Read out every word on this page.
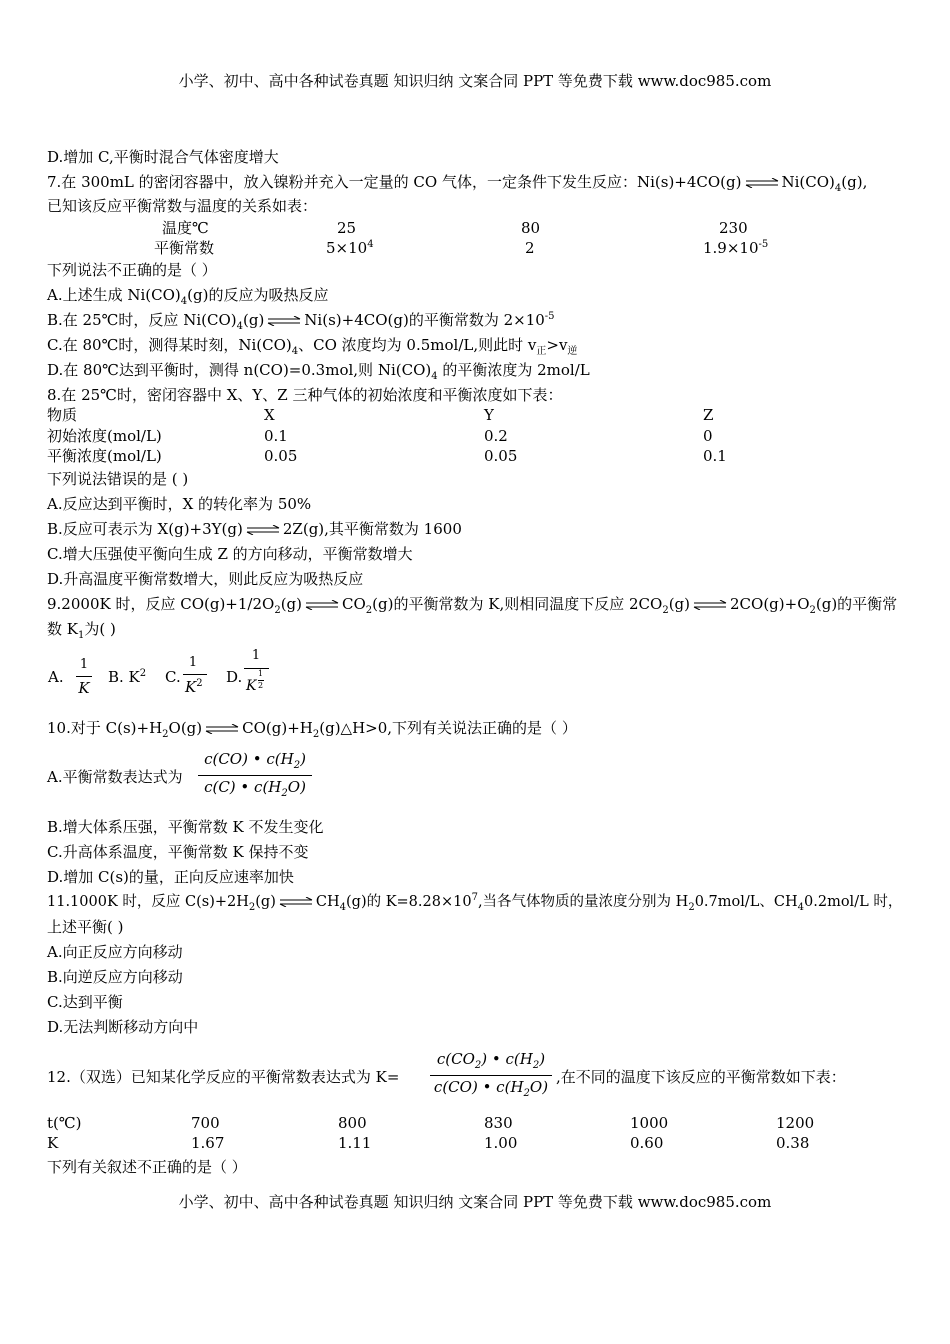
小学、初中、高中各种试卷真题 知识归纳 文案合同 PPT 等免费下载 www.doc985.com
D.增加 C,平衡时混合气体密度增大
7.在 300mL 的密闭容器中，放入镍粉并充入一定量的 CO 气体，一定条件下发生反应：Ni(s)+4CO(g)	$Ni(CO)_4(g)$,
已知该反应平衡常数与温度的关系如表：
温度℃	25	80	230
平衡常数	$5\times 10^4$	2	$1.9\times 10^{-5}$
下列说法不正确的是（ ）
A.上述生成 $Ni(CO)_4(g)$的反应为吸热反应
B.在 25℃时，反应 $Ni(CO)_4(g)$	Ni(s)+4CO(g)的平衡常数为 $2\times 10^{-5}$
C.在 80℃时，测得某时刻，$Ni(CO)_4$、CO 浓度均为 0.5mol/L,则此时 $v_正>v_逆$
D.在 80℃达到平衡时，测得 n(CO)=0.3mol,则 $Ni(CO)_4$ 的平衡浓度为 2mol/L
8.在 25℃时，密闭容器中 X、Y、Z 三种气体的初始浓度和平衡浓度如下表：
物质	X	Y	Z
初始浓度(mol/L)	0.1	0.2	0
平衡浓度(mol/L)	0.05	0.05	0.1
下列说法错误的是 ( )
A.反应达到平衡时，X 的转化率为 50%
B.反应可表示为 X(g)+3Y(g)	2Z(g),其平衡常数为 1600
C.增大压强使平衡向生成 Z 的方向移动，平衡常数增大
D.升高温度平衡常数增大，则此反应为吸热反应
9.2000K 时，反应 $CO(g)+1/2O_2(g)$	$CO_2(g)$的平衡常数为 K,则相同温度下反应 $2CO_2(g)$	$2CO(g)+O_2(g)$的平衡常
数 $K_1$为( )
A.
1
K
B. $K^2$ C.
1
$K^2$ D.
1
K
1
2
10.对于 $C(s)+H_2O(g)$	$CO(g)+H_2(g)\triangle H>0$,下列有关说法正确的是（ ）
A.平衡常数表达式为
c(CO) • $c(H_2)$
c(C) • $c(H_2O)$
B.增大体系压强，平衡常数 K 不发生变化
C.升高体系温度，平衡常数 K 保持不变
D.增加 C(s)的量，正向反应速率加快
11.1000K 时，反应 $C(s)+2H_2(g)$	$CH_4(g)$的 $K=8.28\times 10^7$,当各气体物质的量浓度分别为 $H_20.7mol/L$、$CH_40.2mol/L$ 时，
上述平衡( )
A.向正反应方向移动
B.向逆反应方向移动
C.达到平衡
D.无法判断移动方向中
12.（双选）已知某化学反应的平衡常数表达式为 K=
$c(CO_2)$ • $c(H_2)$
c(CO) • $c(H_2O)$
,在不同的温度下该反应的平衡常数如下表：
t(℃)	700	800	830	1000	1200
K	1.67	1.11	1.00	0.60	0.38
下列有关叙述不正确的是（ ）
小学、初中、高中各种试卷真题 知识归纳 文案合同 PPT 等免费下载 www.doc985.com
